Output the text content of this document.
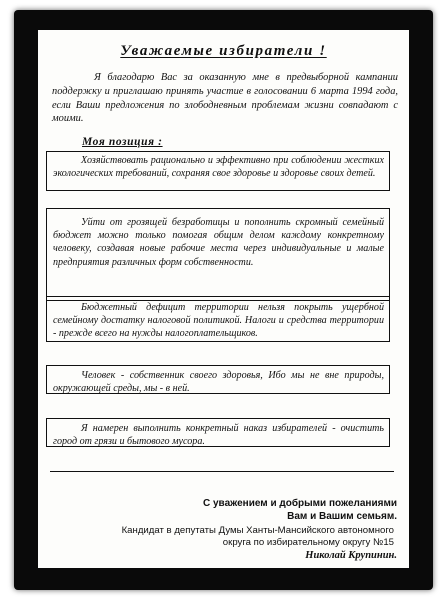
Уважаемые избиратели !
Я благодарю Вас за оказанную мне в предвыборной кампании поддержку и приглашаю принять участие в голосовании 6 марта 1994 года, если Ваши предложения по злободневным проблемам жизни совпадают с моими.
Моя позиция :
Хозяйствовать рационально и эффективно при соблюдении жестких экологических требований, сохраняя свое здоровье и здоровье своих детей.
Уйти от грозящей безработицы и пополнить скромный семейный бюджет можно только помогая общим делом каждому конкретному человеку, создавая новые рабочие места через индивидуальные и малые предприятия различных форм собственности.
Бюджетный дефицит территории нельзя покрыть ущербной семейному достатку налоговой политикой. Налоги и средства территории - прежде всего на нужды налогоплательщиков.
Человек - собственник своего здоровья, Ибо мы не вне природы, окружающей среды, мы - в ней.
Я намерен выполнить конкретный наказ избирателей - очистить город от грязи и бытового мусора.
С уважением и добрыми пожеланиями
Вам и Вашим семьям.
Кандидат в депутаты Думы Ханты-Мансийского автономного
округа по избирательному округу №15
Николай Крупинин.
